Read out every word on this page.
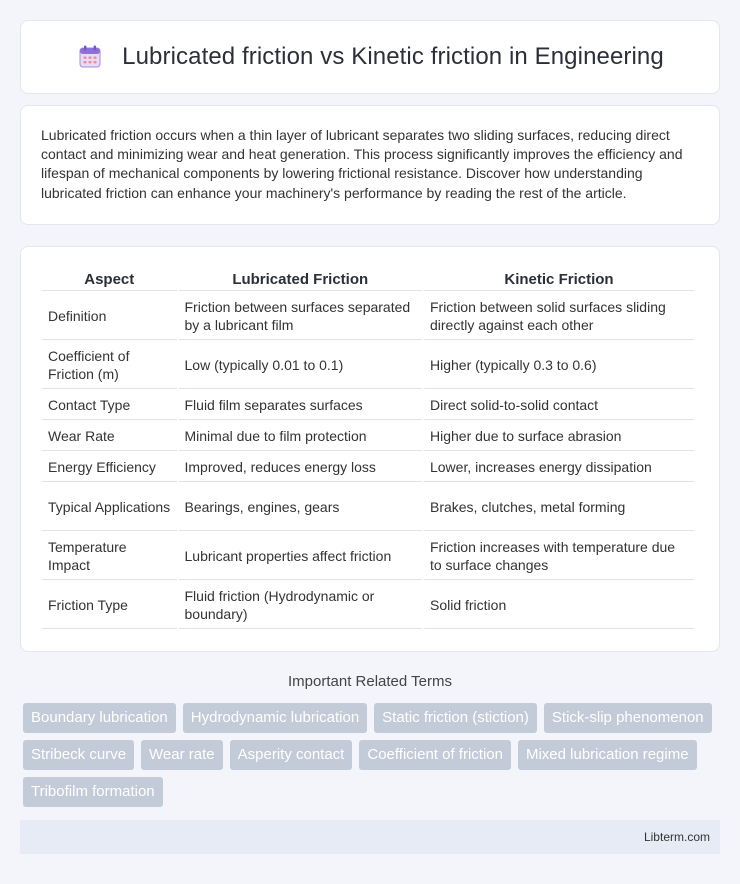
Lubricated friction vs Kinetic friction in Engineering

Lubricated friction occurs when a thin layer of lubricant separates two sliding surfaces, reducing direct contact and minimizing wear and heat generation. This process significantly improves the efficiency and lifespan of mechanical components by lowering frictional resistance. Discover how understanding lubricated friction can enhance your machinery's performance by reading the rest of the article.

Aspect	Lubricated Friction	Kinetic Friction
Definition	Friction between surfaces separated by a lubricant film	Friction between solid surfaces sliding directly against each other
Coefficient of Friction (m)	Low (typically 0.01 to 0.1)	Higher (typically 0.3 to 0.6)
Contact Type	Fluid film separates surfaces	Direct solid-to-solid contact
Wear Rate	Minimal due to film protection	Higher due to surface abrasion
Energy Efficiency	Improved, reduces energy loss	Lower, increases energy dissipation
Typical Applications	Bearings, engines, gears	Brakes, clutches, metal forming
Temperature Impact	Lubricant properties affect friction	Friction increases with temperature due to surface changes
Friction Type	Fluid friction (Hydrodynamic or boundary)	Solid friction
Important Related Terms
Boundary lubrication	Hydrodynamic lubrication	Static friction (stiction)	Stick-slip phenomenon
Stribeck curve	Wear rate	Asperity contact	Coefficient of friction	Mixed lubrication regime
Tribofilm formation
Libterm.com
